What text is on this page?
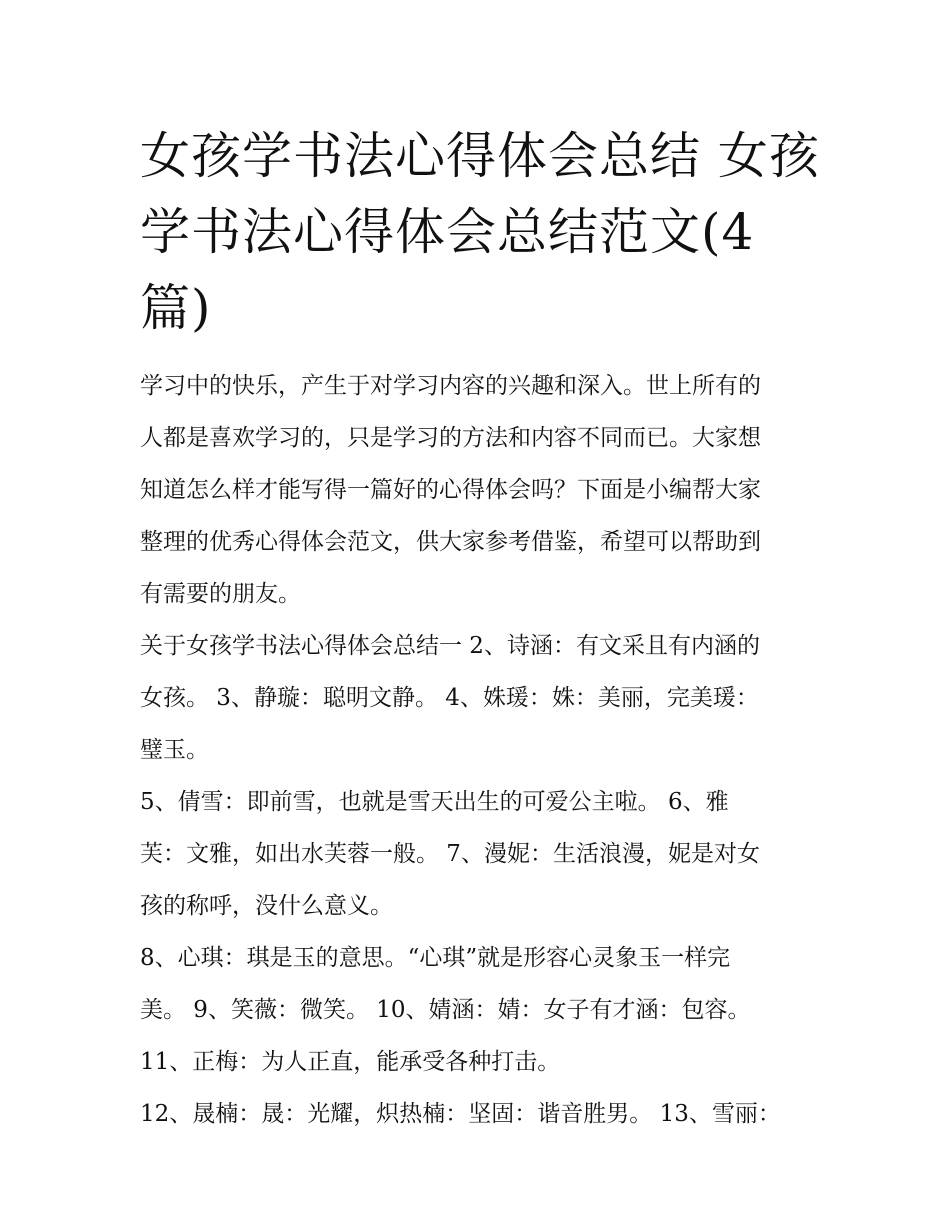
女孩学书法心得体会总结 女孩
学书法心得体会总结范文(4
篇)
学习中的快乐，产生于对学习内容的兴趣和深入。世上所有的
人都是喜欢学习的，只是学习的方法和内容不同而已。大家想
知道怎么样才能写得一篇好的心得体会吗？下面是小编帮大家
整理的优秀心得体会范文，供大家参考借鉴，希望可以帮助到
有需要的朋友。
关于女孩学书法心得体会总结一 2、诗涵：有文采且有内涵的
女孩。 3、静璇：聪明文静。 4、姝瑗：姝：美丽，完美瑗：
璧玉。
5、倩雪：即前雪，也就是雪天出生的可爱公主啦。 6、雅
芙：文雅，如出水芙蓉一般。 7、漫妮：生活浪漫，妮是对女
孩的称呼，没什么意义。
8、心琪：琪是玉的意思。“心琪”就是形容心灵象玉一样完
美。 9、笑薇：微笑。 10、婧涵：婧：女子有才涵：包容。
11、正梅：为人正直，能承受各种打击。
12、晟楠：晟：光耀，炽热楠：坚固：谐音胜男。 13、雪丽：
